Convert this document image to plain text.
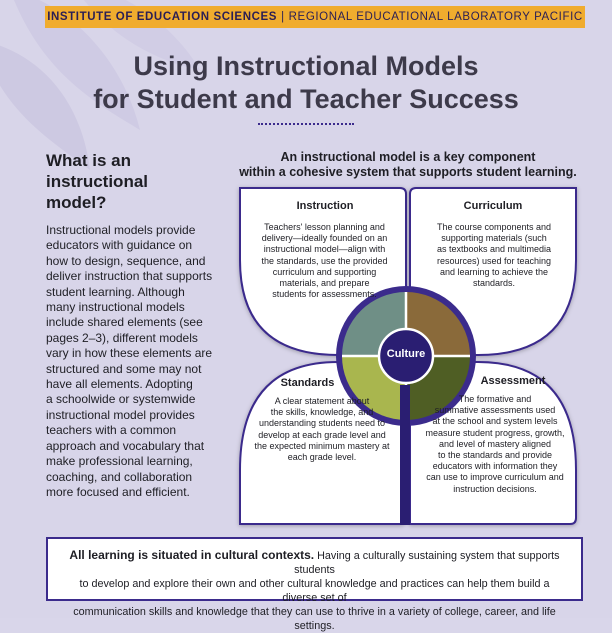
INSTITUTE OF EDUCATION SCIENCES | REGIONAL EDUCATIONAL LABORATORY PACIFIC
Using Instructional Models
for Student and Teacher Success
What is an
instructional
model?
Instructional models provide
educators with guidance on
how to design, sequence, and
deliver instruction that supports
student learning. Although
many instructional models
include shared elements (see
pages 2–3), different models
vary in how these elements are
structured and some may not
have all elements. Adopting
a schoolwide or systemwide
instructional model provides
teachers with a common
approach and vocabulary that
make professional learning,
coaching, and collaboration
more focused and efficient.
An instructional model is a key component
within a cohesive system that supports student learning.
Culture
Instruction
Teachers' lesson planning and
delivery—ideally founded on an
instructional model—align with
the standards, use the provided
curriculum and supporting
materials, and prepare
students for assessments.
Curriculum
The course components and
supporting materials (such
as textbooks and multimedia
resources) used for teaching
and learning to achieve the
standards.
Standards
A clear statement about
the skills, knowledge, and
understanding students need to
develop at each grade level and
the expected minimum mastery at
each grade level.
Assessment
The formative and
summative assessments used
at the school and system levels
measure student progress, growth,
and level of mastery aligned
to the standards and provide
educators with information they
can use to improve curriculum and
instruction decisions.
All learning is situated in cultural contexts. Having a culturally sustaining system that supports students
to develop and explore their own and other cultural knowledge and practices can help them build a diverse set of
communication skills and knowledge that they can use to thrive in a variety of college, career, and life settings.
